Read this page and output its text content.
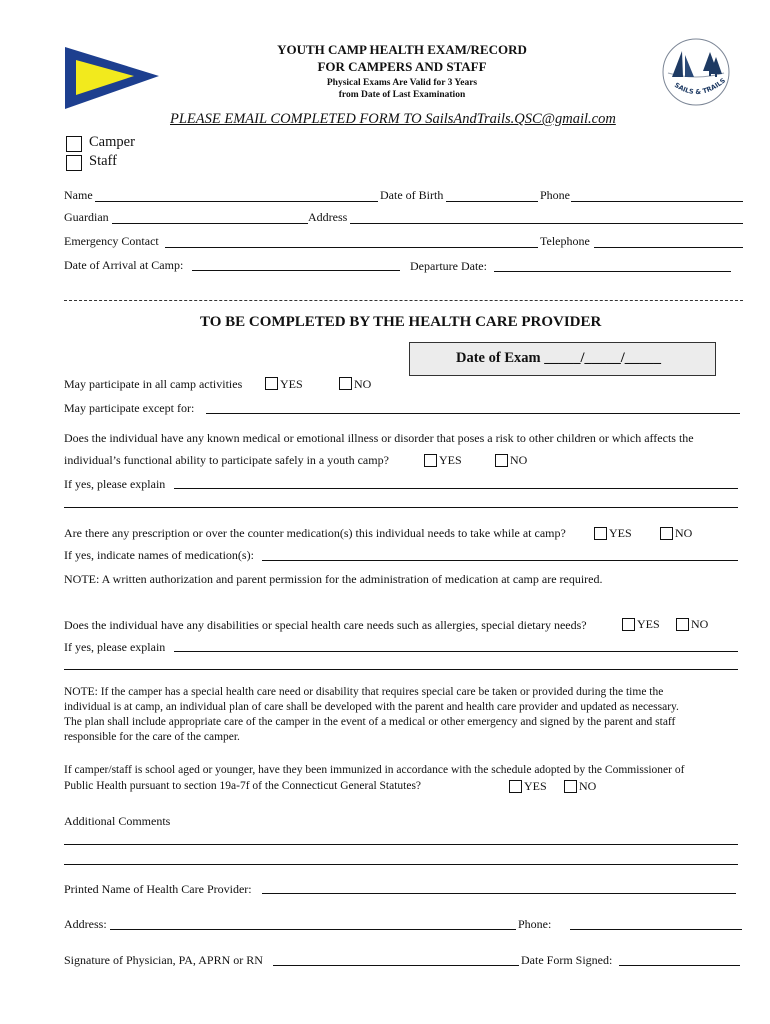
YOUTH CAMP HEALTH EXAM/RECORD
FOR CAMPERS AND STAFF
Physical Exams Are Valid for 3 Years
from Date of Last Examination
SAILS & TRAILS
PLEASE EMAIL COMPLETED FORM TO SailsAndTrails.QSC@gmail.com
Camper
Staff
Name	Date of Birth	Phone
Guardian	Address
Emergency Contact	Telephone
Date of Arrival at Camp:	Departure Date:
TO BE COMPLETED BY THE HEALTH CARE PROVIDER
Date of Exam _____/_____/_____
May participate in all camp activities	YES	NO
May participate except for:
Does the individual have any known medical or emotional illness or disorder that poses a risk to other children or which affects the
individual’s functional ability to participate safely in a youth camp?	YES	NO
If yes, please explain
Are there any prescription or over the counter medication(s) this individual needs to take while at camp?	YES	NO
If yes, indicate names of medication(s):
NOTE: A written authorization and parent permission for the administration of medication at camp are required.
Does the individual have any disabilities or special health care needs such as allergies, special dietary needs?	YES	NO
If yes, please explain
NOTE: If the camper has a special health care need or disability that requires special care be taken or provided during the time the
individual is at camp, an individual plan of care shall be developed with the parent and health care provider and updated as necessary.
The plan shall include appropriate care of the camper in the event of a medical or other emergency and signed by the parent and staff
responsible for the care of the camper.
If camper/staff is school aged or younger, have they been immunized in accordance with the schedule adopted by the Commissioner of
Public Health pursuant to section 19a-7f of the Connecticut General Statutes?	YES	NO
Additional Comments
Printed Name of Health Care Provider:
Address:	Phone:
Signature of Physician, PA, APRN or RN	Date Form Signed:
